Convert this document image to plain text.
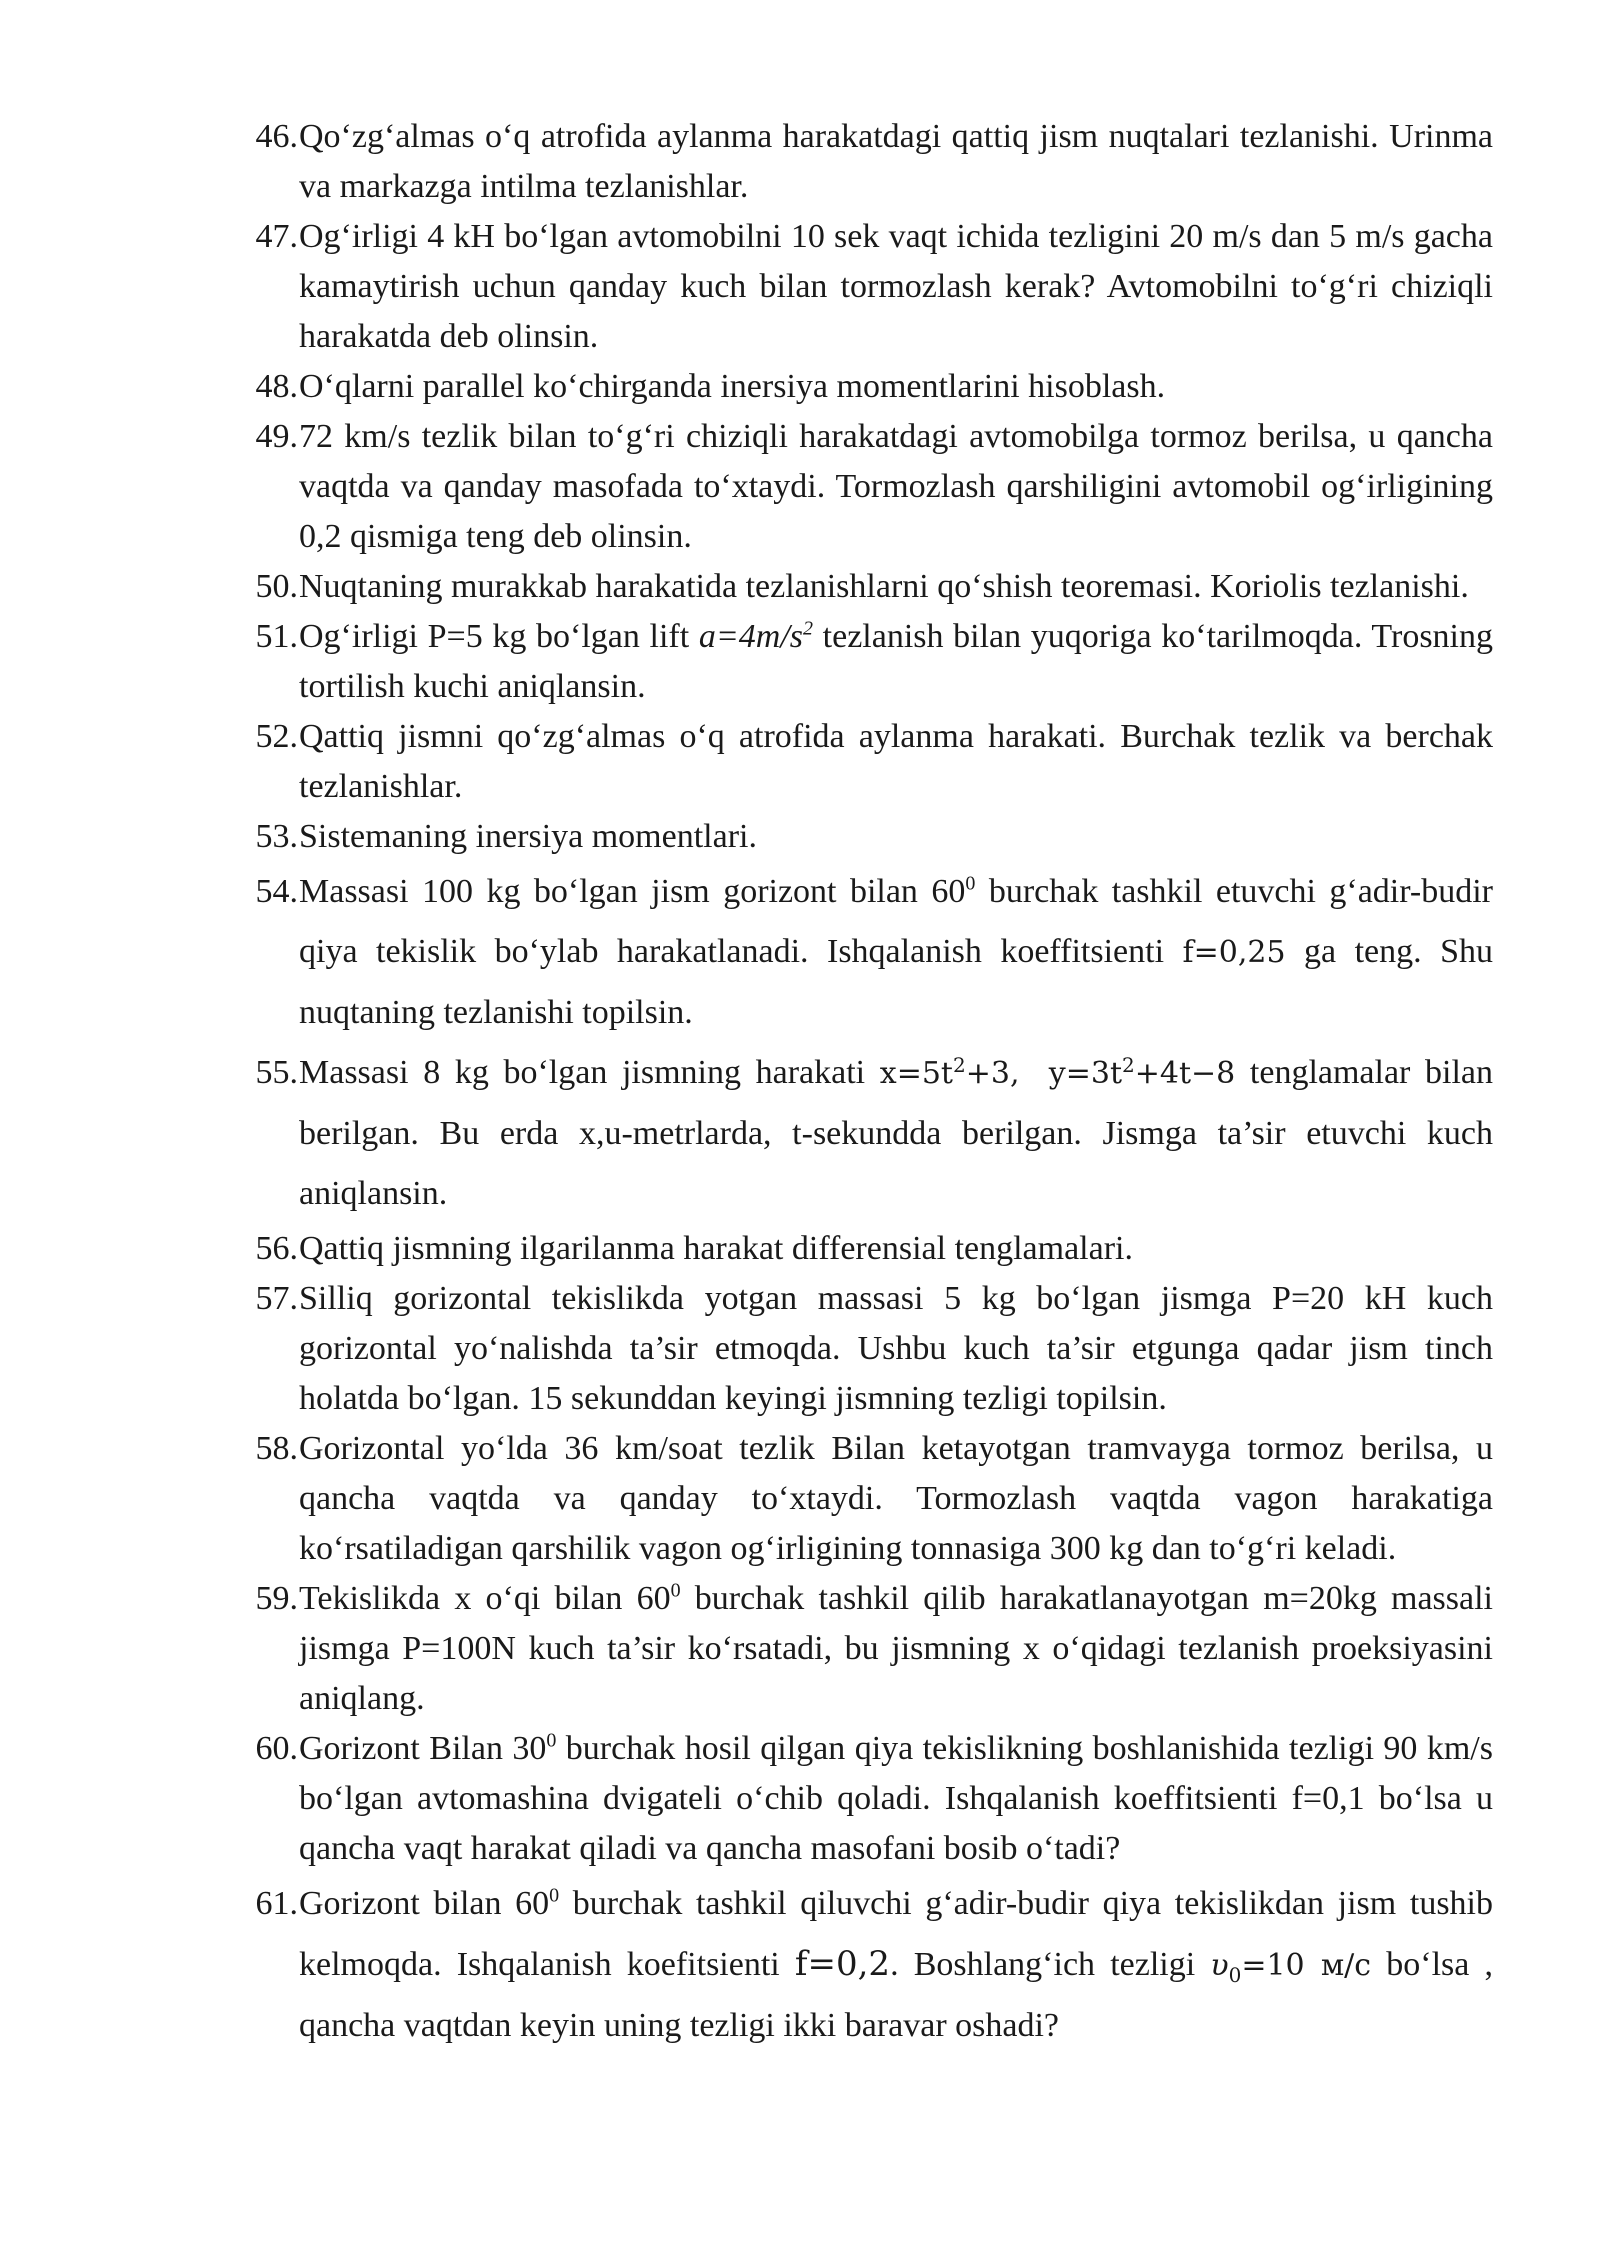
46. Qo‘zg‘almas o‘q atrofida aylanma harakatdagi qattiq jism nuqtalari tezlanishi. Urinma va markazga intilma tezlanishlar.
47. Og‘irligi 4 kH bo‘lgan avtomobilni 10 sek vaqt ichida tezligini 20 m/s dan 5 m/s gacha kamaytirish uchun qanday kuch bilan tormozlash kerak? Avtomobilni to‘g‘ri chiziqli harakatda deb olinsin.
48. O‘qlarni parallel ko‘chirganda inersiya momentlarini hisoblash.
49. 72 km/s tezlik bilan to‘g‘ri chiziqli harakatdagi avtomobilga tormoz berilsa, u qancha vaqtda va qanday masofada to‘xtaydi. Tormozlash qarshiligini avtomobil og‘irligining 0,2 qismiga teng deb olinsin.
50. Nuqtaning murakkab harakatida tezlanishlarni qo‘shish teoremasi. Koriolis tezlanishi.
51. Og‘irligi P=5 kg bo‘lgan lift $a=4m/s^2$ tezlanish bilan yuqoriga ko‘tarilmoqda. Trosning tortilish kuchi aniqlansin.
52. Qattiq jismni qo‘zg‘almas o‘q atrofida aylanma harakati. Burchak tezlik va berchak tezlanishlar.
53. Sistemaning inersiya momentlari.
54. Massasi 100 kg bo‘lgan jism gorizont bilan $60^0$ burchak tashkil etuvchi g‘adir-budir qiya tekislik bo‘ylab harakatlanadi. Ishqalanish koeffitsienti f=0,25 ga teng. Shu nuqtaning tezlanishi topilsin.
55. Massasi 8 kg bo‘lgan jismning harakati $x=5t^2+3$, $y=3t^2+4t-8$ tenglamalar bilan berilgan. Bu erda x,u-metrlarda, t-sekundda berilgan. Jismga ta’sir etuvchi kuch aniqlansin.
56. Qattiq jismning ilgarilanma harakat differensial tenglamalari.
57. Silliq gorizontal tekislikda yotgan massasi 5 kg bo‘lgan jismga P=20 kH kuch gorizontal yo‘nalishda ta’sir etmoqda. Ushbu kuch ta’sir etgunga qadar jism tinch holatda bo‘lgan. 15 sekunddan keyingi jismning tezligi topilsin.
58. Gorizontal yo‘lda 36 km/soat tezlik Bilan ketayotgan tramvayga tormoz berilsa, u qancha vaqtda va qanday to‘xtaydi. Tormozlash vaqtda vagon harakatiga ko‘rsatiladigan qarshilik vagon og‘irligining tonnasiga 300 kg dan to‘g‘ri keladi.
59. Tekislikda x o‘qi bilan $60^0$ burchak tashkil qilib harakatlanayotgan m=20kg massali jismga P=100N kuch ta’sir ko‘rsatadi, bu jismning x o‘qidagi tezlanish proeksiyasini aniqlang.
60. Gorizont Bilan $30^0$ burchak hosil qilgan qiya tekislikning boshlanishida tezligi 90 km/s bo‘lgan avtomashina dvigateli o‘chib qoladi. Ishqalanish koeffitsienti f=0,1 bo‘lsa u qancha vaqt harakat qiladi va qancha masofani bosib o‘tadi?
61. Gorizont bilan $60^0$ burchak tashkil qiluvchi g‘adir-budir qiya tekislikdan jism tushib kelmoqda. Ishqalanish koefitsienti f=0,2. Boshlang‘ich tezligi $\upsilon_0=10$ м/с bo‘lsa , qancha vaqtdan keyin uning tezligi ikki baravar oshadi?
